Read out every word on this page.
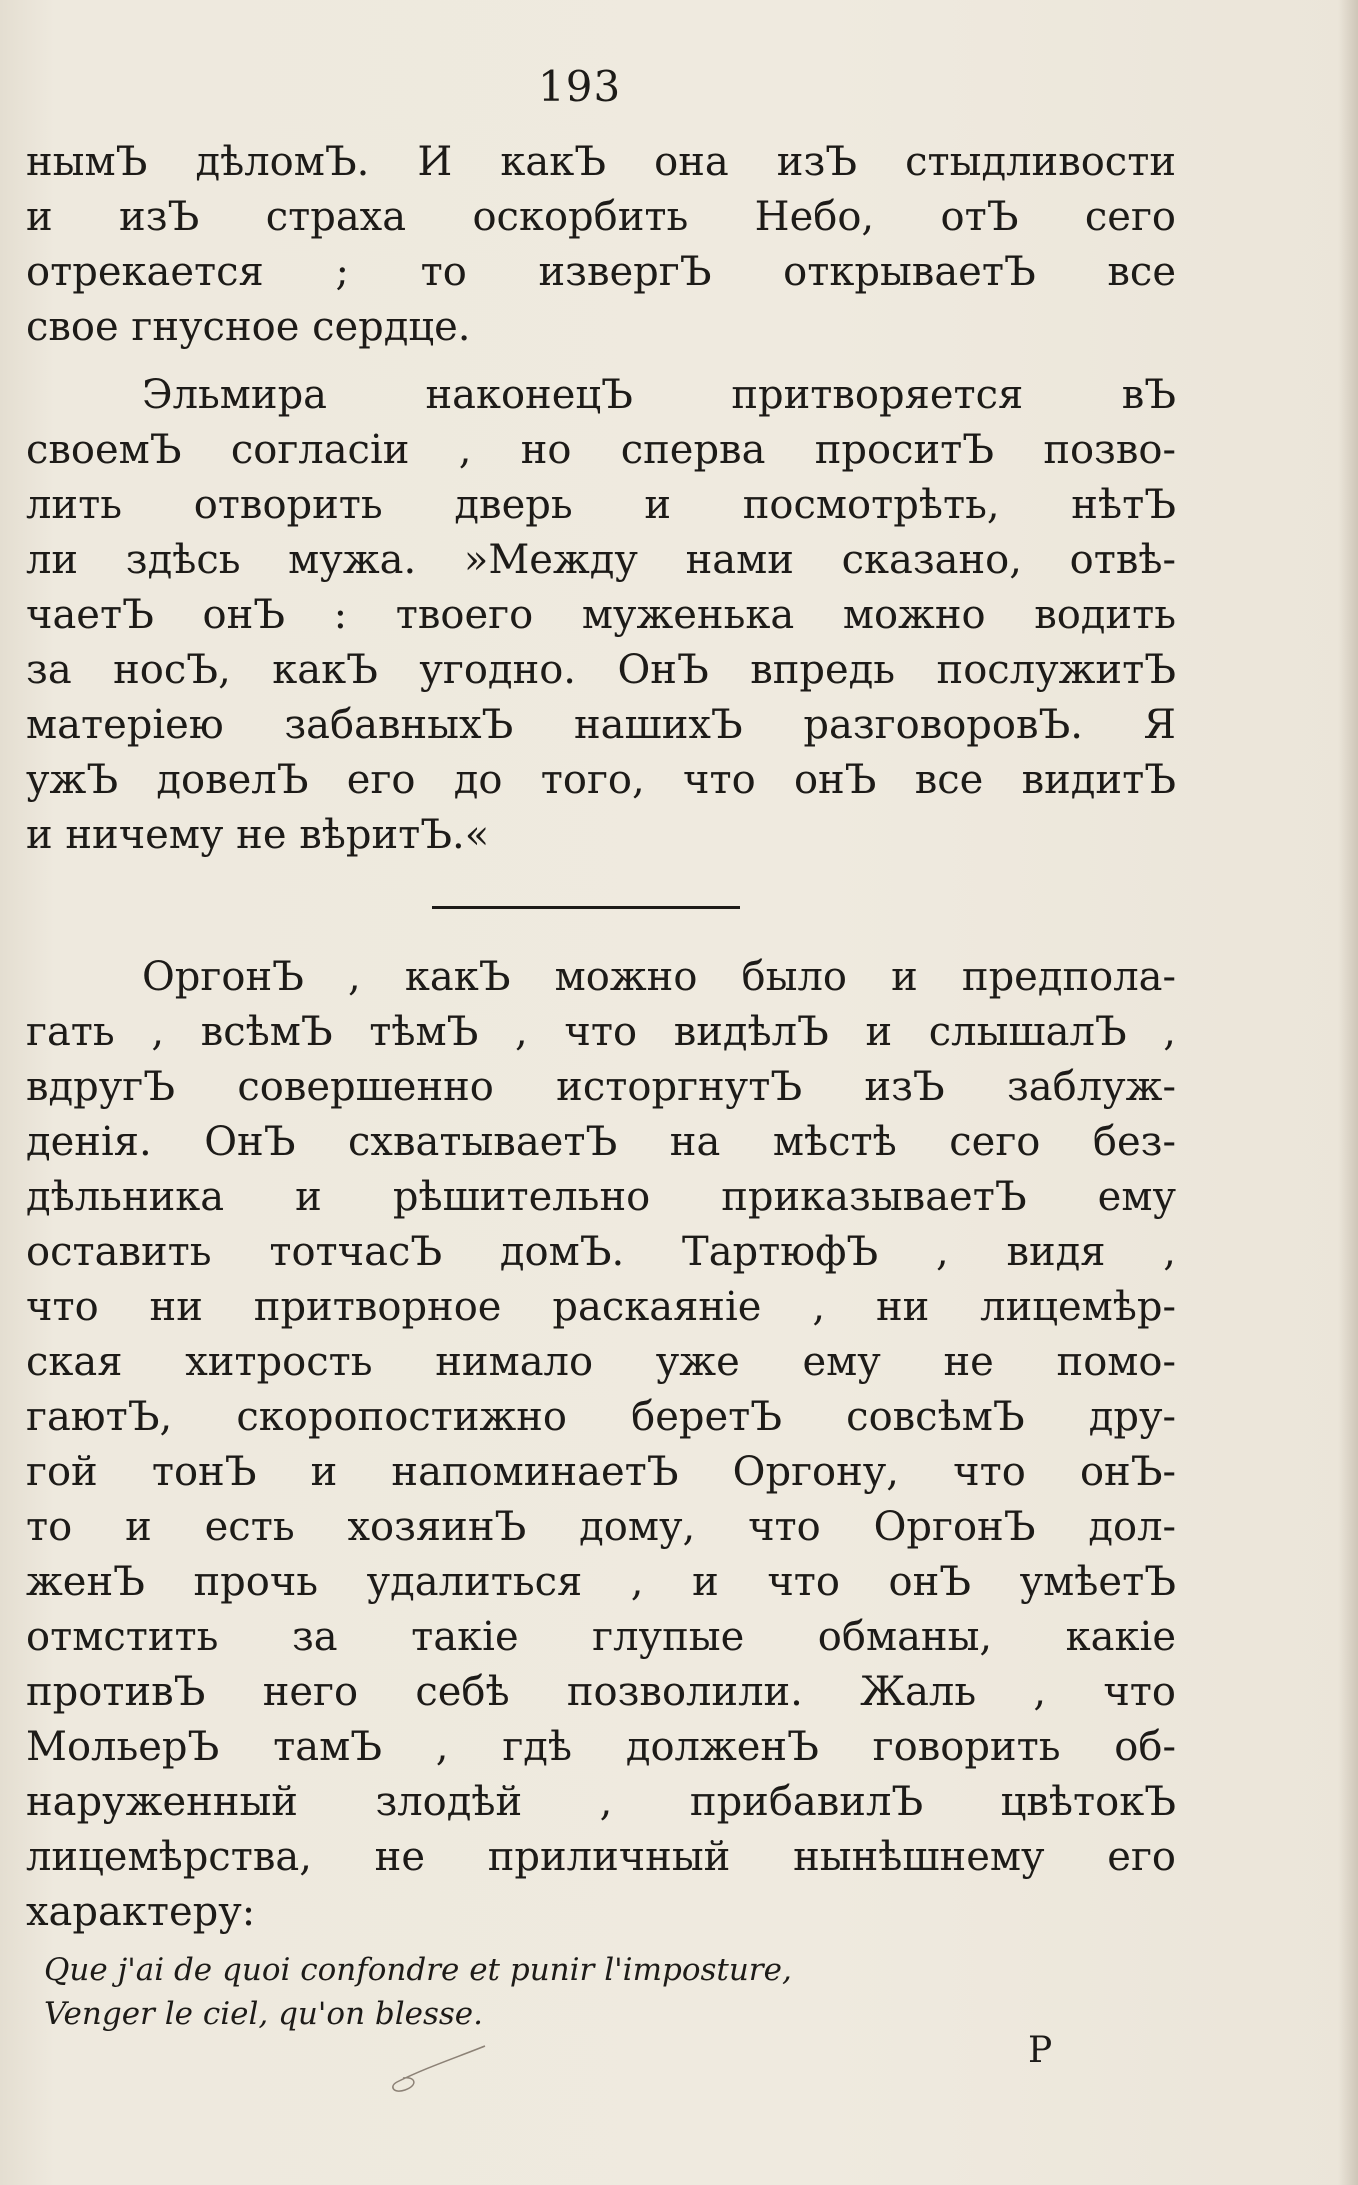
193

нымЪ дѣломЪ. И какЪ она изЪ стыдливости
и изЪ страха оскорбить Небо, отЪ сего
отрекается ; то извергЪ открываетЪ все
свое гнусное сердце.

Эльмира наконецЪ притворяется вЪ
своемЪ согласіи , но сперва проситЪ позво-
лить отворить дверь и посмотрѣть, нѣтЪ
ли здѣсь мужа. »Между нами сказано, отвѣ-
чаетЪ онЪ : твоего муженька можно водить
за носЪ, какЪ угодно. ОнЪ впредь послужитЪ
матеріею забавныхЪ нашихЪ разговоровЪ. Я
ужЪ довелЪ его до того, что онЪ все видитЪ
и ничему не вѣритЪ.«

ОргонЪ , какЪ можно было и предпола-
гать , всѣмЪ тѣмЪ , что видѣлЪ и слышалЪ ,
вдругЪ совершенно исторгнутЪ изЪ заблуж-
денія. ОнЪ схватываетЪ на мѣстѣ сего без-
дѣльника и рѣшительно приказываетЪ ему
оставить тотчасЪ домЪ. ТартюфЪ , видя ,
что ни притворное раскаяніе , ни лицемѣр-
ская хитрость нимало уже ему не помо-
гаютЪ, скоропостижно беретЪ совсѣмЪ дру-
гой тонЪ и напоминаетЪ Оргону, что онЪ-
то и есть хозяинЪ дому, что ОргонЪ дол-
женЪ прочь удалиться , и что онЪ умѣетЪ
отмстить за такіе глупые обманы, какіе
противЪ него себѣ позволили. Жаль , что
МольерЪ тамЪ , гдѣ долженЪ говорить об-
наруженный злодѣй , прибавилЪ цвѣтокЪ
лицемѣрства, не приличный нынѣшнему его
характеру:

Que j'ai de quoi confondre et punir l'imposture,
Venger le ciel, qu'on blesse.
P
